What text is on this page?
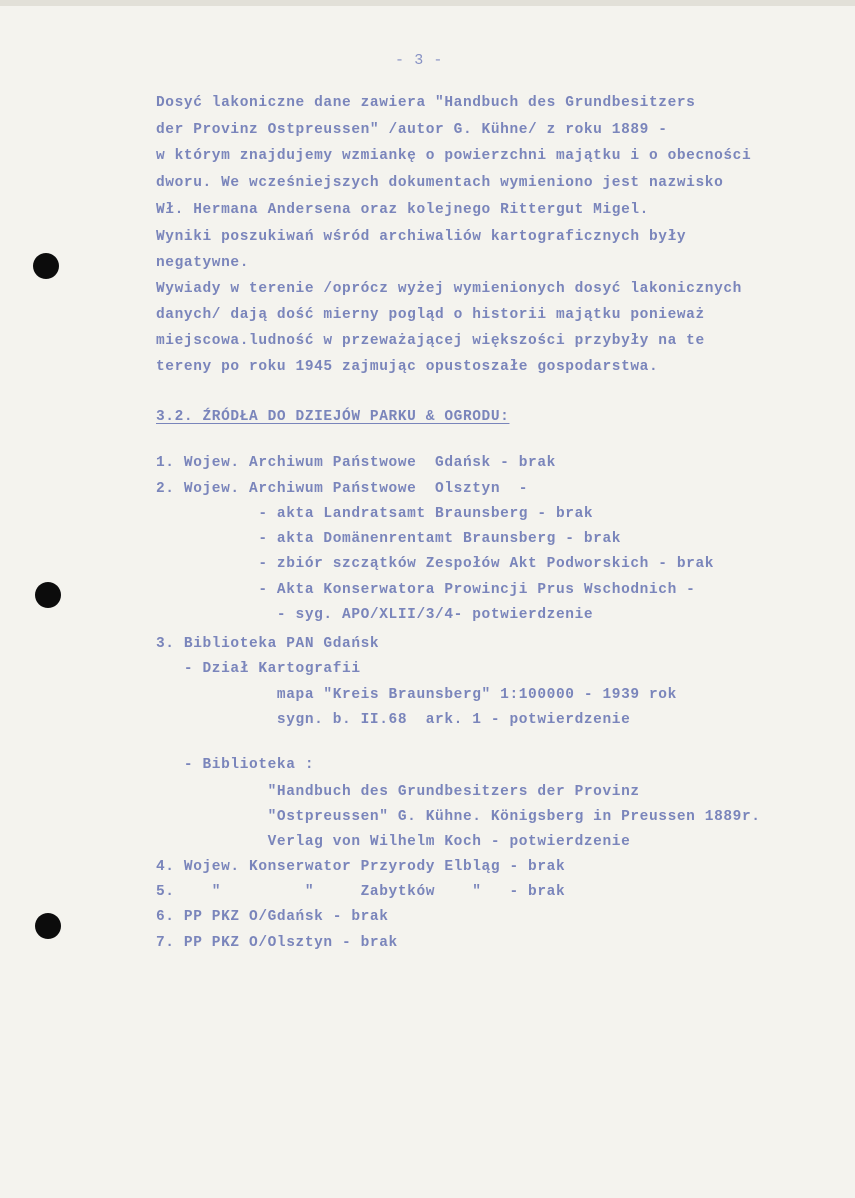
- 3 -
Dosyć lakoniczne dane zawiera "Handbuch des Grundbesitzers
der Provinz Ostpreussen" /autor G. Kühne/ z roku 1889 -
w którym znajdujemy wzmiankę o powierzchni majątku i o obecności
dworu. We wcześniejszych dokumentach wymieniono jest nazwisko
Wł. Hermana Andersena oraz kolejnego Rittergut Migel.
Wyniki poszukiwań wśród archiwaliów kartograficznych były
negatywne.
Wywiady w terenie /oprócz wyżej wymienionych dosyć lakonicznych
danych/ dają dość mierny pogląd o historii majątku ponieważ
miejscowa.ludność w przeważającej większości przybyły na te
tereny po roku 1945 zajmując opustoszałe gospodarstwa.
3.2. ŹRÓDŁA DO DZIEJÓW PARKU & OGRODU:
1. Wojew. Archiwum Państwowe  Gdańsk - brak
2. Wojew. Archiwum Państwowe  Olsztyn  -
- akta Landratsamt Braunsberg - brak
- akta Domänenrentamt Braunsberg - brak
- zbiór szczątków Zespołów Akt Podworskich - brak
- Akta Konserwatora Prowincji Prus Wschodnich -
- syg. APO/XLII/3/4- potwierdzenie
3. Biblioteka PAN Gdańsk
- Dział Kartografii
mapa "Kreis Braunsberg" 1:100000 - 1939 rok
sygn. b. II.68  ark. 1 - potwierdzenie
- Biblioteka :
"Handbuch des Grundbesitzers der Provinz
"Ostpreussen" G. Kühne. Königsberg in Preussen 1889r.
Verlag von Wilhelm Koch - potwierdzenie
4. Wojew. Konserwator Przyrody Elbląg - brak
5.    "         "     Zabytków    "   - brak
6. PP PKZ O/Gdańsk - brak
7. PP PKZ O/Olsztyn - brak
